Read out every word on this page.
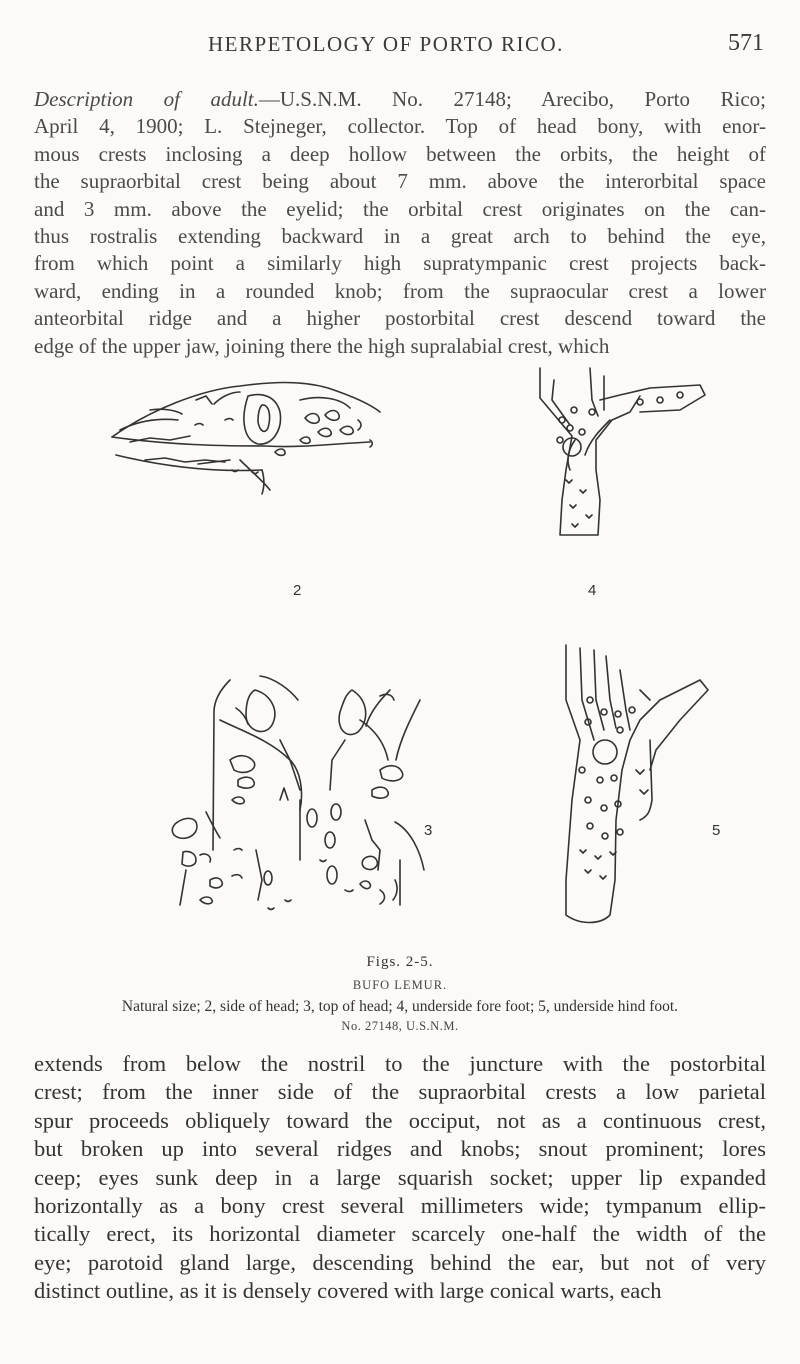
HERPETOLOGY OF PORTO RICO.	571
Description of adult.—U.S.N.M. No. 27148; Arecibo, Porto Rico;
April 4, 1900; L. Stejneger, collector. Top of head bony, with enor-
mous crests inclosing a deep hollow between the orbits, the height of
the supraorbital crest being about 7 mm. above the interorbital space
and 3 mm. above the eyelid; the orbital crest originates on the can-
thus rostralis extending backward in a great arch to behind the eye,
from which point a similarly high supratympanic crest projects back-
ward, ending in a rounded knob; from the supraocular crest a lower
anteorbital ridge and a higher postorbital crest descend toward the
edge of the upper jaw, joining there the high supralabial crest, which
2
3
4
5
Figs. 2-5.
BUFO LEMUR.
Natural size; 2, side of head; 3, top of head; 4, underside fore foot; 5, underside hind foot.
No. 27148, U.S.N.M.
extends from below the nostril to the juncture with the postorbital
crest; from the inner side of the supraorbital crests a low parietal
spur proceeds obliquely toward the occiput, not as a continuous crest,
but broken up into several ridges and knobs; snout prominent; lores
ceep; eyes sunk deep in a large squarish socket; upper lip expanded
horizontally as a bony crest several millimeters wide; tympanum ellip-
tically erect, its horizontal diameter scarcely one-half the width of the
eye; parotoid gland large, descending behind the ear, but not of very
distinct outline, as it is densely covered with large conical warts, each
